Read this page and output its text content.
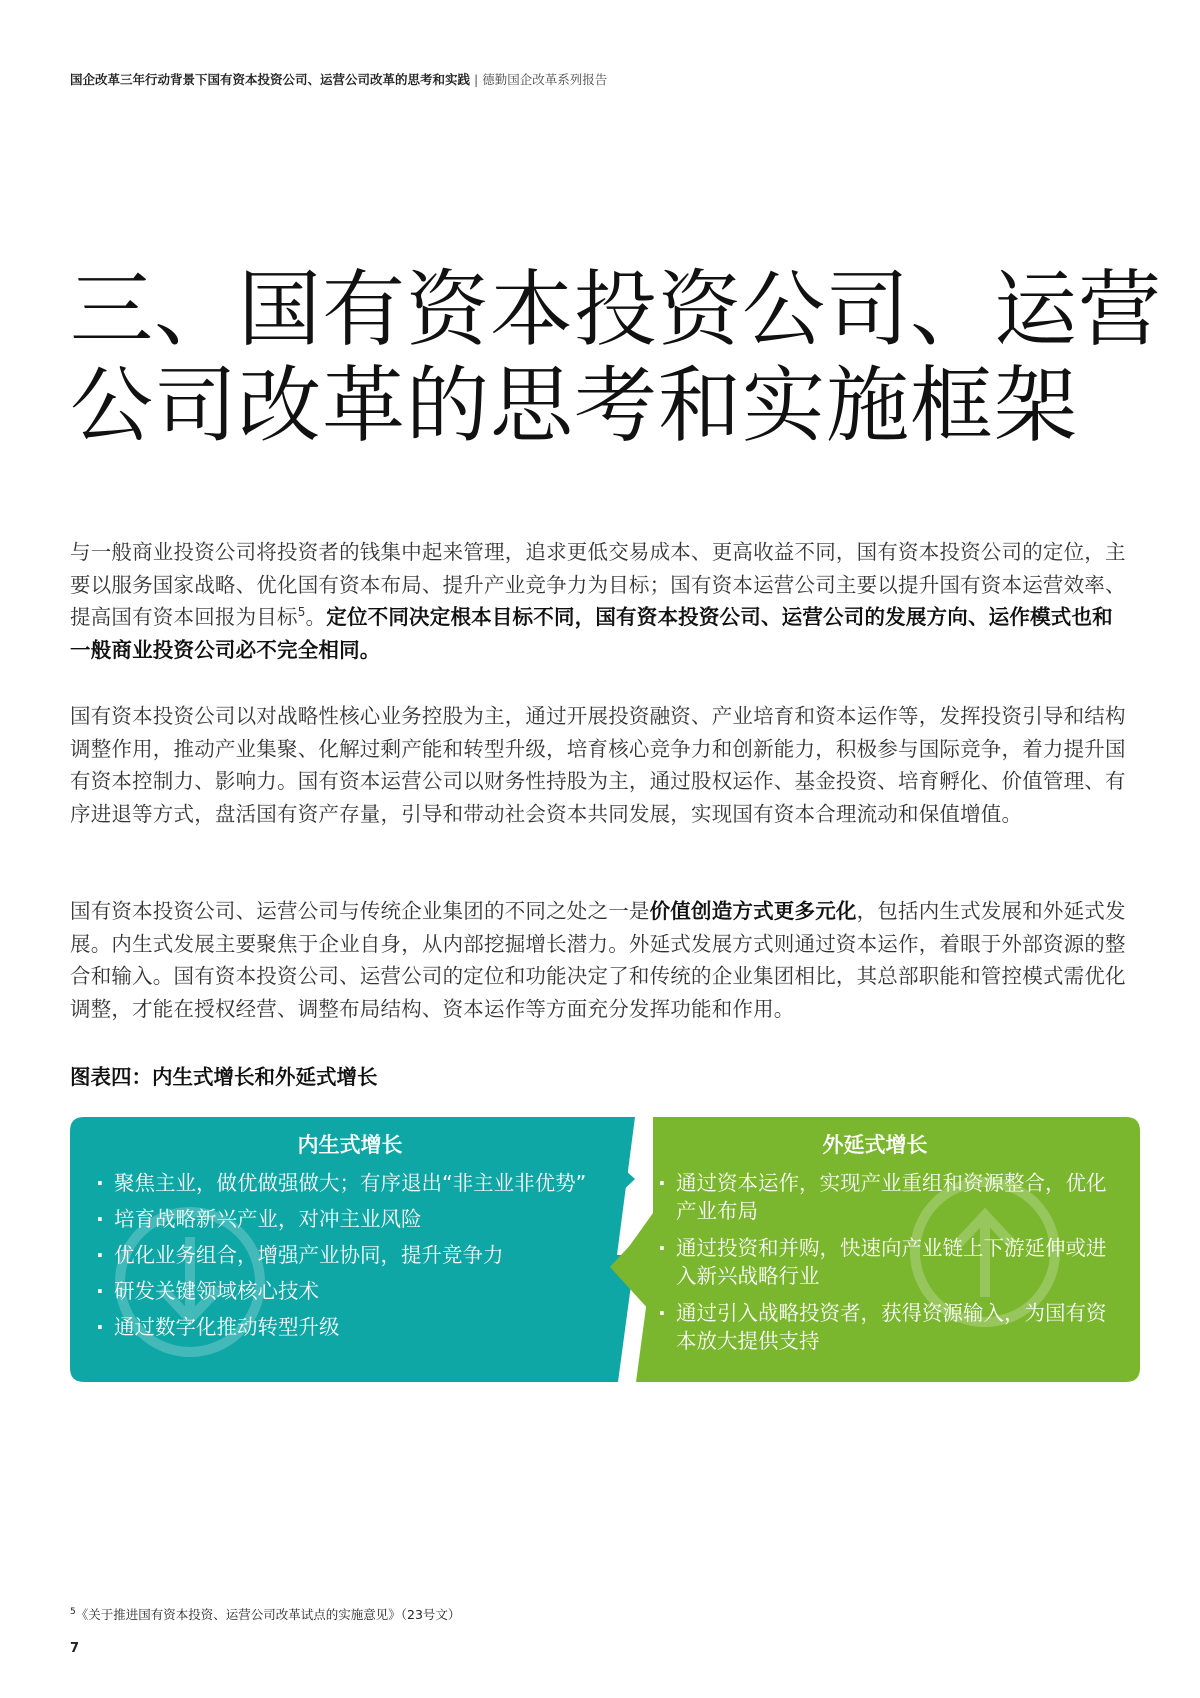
国企改革三年行动背景下国有资本投资公司、运营公司改革的思考和实践 | 德勤国企改革系列报告
三、国有资本投资公司、运营
公司改革的思考和实施框架

与一般商业投资公司将投资者的钱集中起来管理，追求更低交易成本、更高收益不同，国有资本投资公司的定位，主要以服务国家战略、优化国有资本布局、提升产业竞争力为目标；国有资本运营公司主要以提升国有资本运营效率、提高国有资本回报为目标$^5$。定位不同决定根本目标不同，国有资本投资公司、运营公司的发展方向、运作模式也和一般商业投资公司必不完全相同。

国有资本投资公司以对战略性核心业务控股为主，通过开展投资融资、产业培育和资本运作等，发挥投资引导和结构调整作用，推动产业集聚、化解过剩产能和转型升级，培育核心竞争力和创新能力，积极参与国际竞争，着力提升国有资本控制力、影响力。国有资本运营公司以财务性持股为主，通过股权运作、基金投资、培育孵化、价值管理、有序进退等方式，盘活国有资产存量，引导和带动社会资本共同发展，实现国有资本合理流动和保值增值。

国有资本投资公司、运营公司与传统企业集团的不同之处之一是价值创造方式更多元化，包括内生式发展和外延式发展。内生式发展主要聚焦于企业自身，从内部挖掘增长潜力。外延式发展方式则通过资本运作，着眼于外部资源的整合和输入。国有资本投资公司、运营公司的定位和功能决定了和传统的企业集团相比，其总部职能和管控模式需优化调整，才能在授权经营、调整布局结构、资本运作等方面充分发挥功能和作用。

图表四：内生式增长和外延式增长
内生式增长
· 聚焦主业，做优做强做大；有序退出“非主业非优势”
· 培育战略新兴产业，对冲主业风险
· 优化业务组合，增强产业协同，提升竞争力
· 研发关键领域核心技术
· 通过数字化推动转型升级
外延式增长
· 通过资本运作，实现产业重组和资源整合，优化产业布局
· 通过投资和并购，快速向产业链上下游延伸或进入新兴战略行业
· 通过引入战略投资者，获得资源输入，为国有资本放大提供支持
$^5$《关于推进国有资本投资、运营公司改革试点的实施意见》（23号文）
7
